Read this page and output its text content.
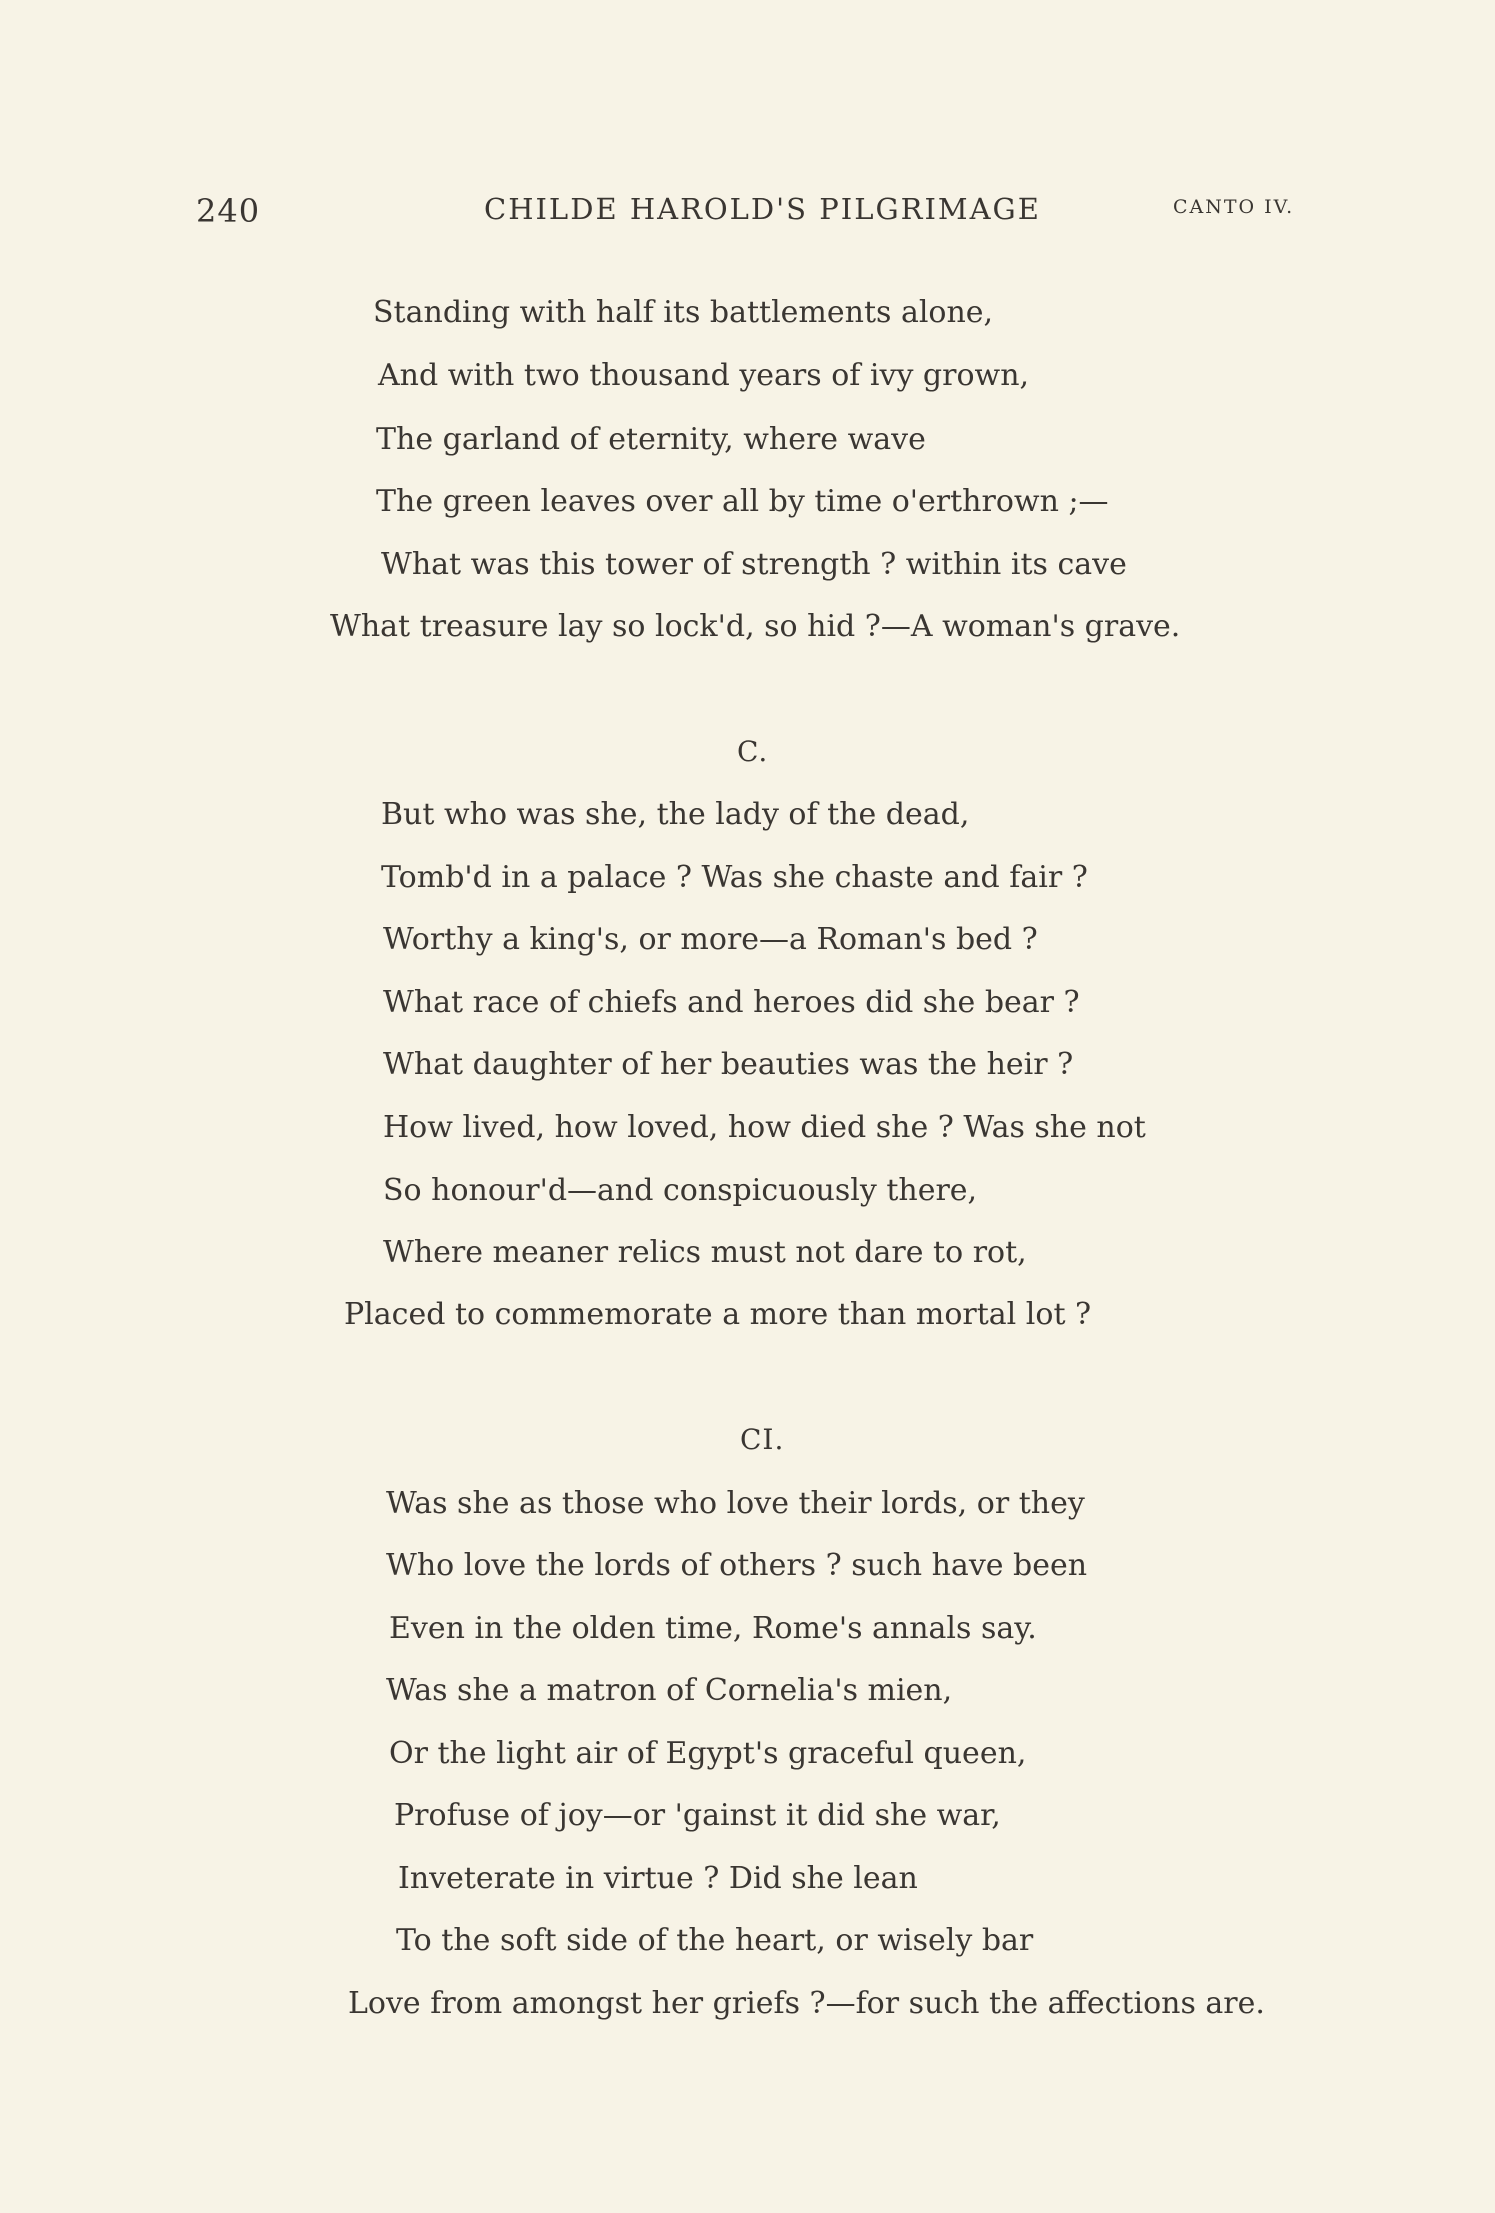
240	CHILDE HAROLD'S PILGRIMAGE	CANTO IV.
Standing with half its battlements alone,
And with two thousand years of ivy grown,
The garland of eternity, where wave
The green leaves over all by time o'erthrown ;—
What was this tower of strength ? within its cave
What treasure lay so lock'd, so hid ?—A woman's grave.
C.
But who was she, the lady of the dead,
Tomb'd in a palace ? Was she chaste and fair ?
Worthy a king's, or more—a Roman's bed ?
What race of chiefs and heroes did she bear ?
What daughter of her beauties was the heir ?
How lived, how loved, how died she ? Was she not
So honour'd—and conspicuously there,
Where meaner relics must not dare to rot,
Placed to commemorate a more than mortal lot ?
CI.
Was she as those who love their lords, or they
Who love the lords of others ? such have been
Even in the olden time, Rome's annals say.
Was she a matron of Cornelia's mien,
Or the light air of Egypt's graceful queen,
Profuse of joy—or 'gainst it did she war,
Inveterate in virtue ? Did she lean
To the soft side of the heart, or wisely bar
Love from amongst her griefs ?—for such the affections are.
